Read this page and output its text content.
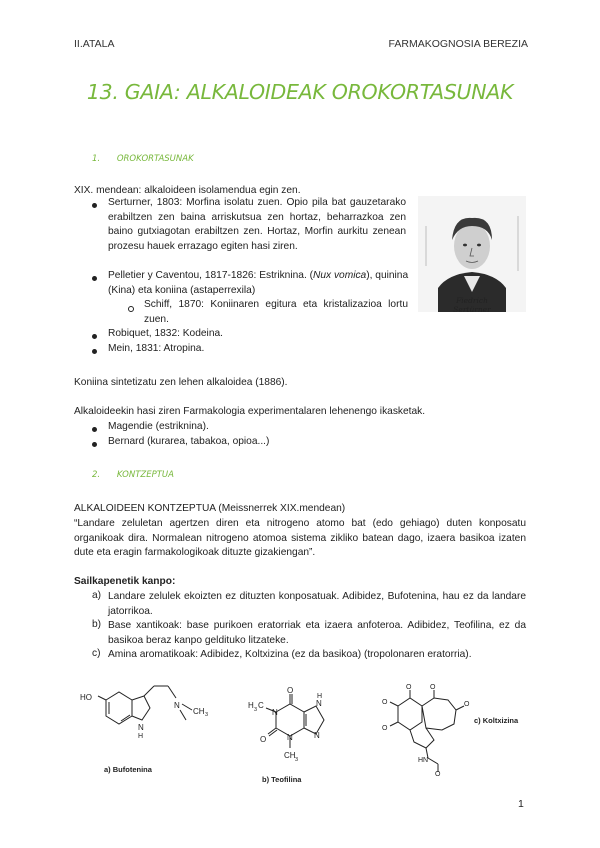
II.ATALA	FARMAKOGNOSIA BEREZIA
13. GAIA: ALKALOIDEAK OROKORTASUNAK
1. OROKORTASUNAK
XIX. mendean: alkaloideen isolamendua egin zen.
Serturner, 1803: Morfina isolatu zuen. Opio pila bat gauzetarako erabiltzen zen baina arriskutsua zen hortaz, beharrazkoa zen baino gutxiagotan erabiltzen zen. Hortaz, Morfin aurkitu zenean prozesu hauek errazago egiten hasi ziren.
Pelletier y Caventou, 1817-1826: Estriknina. (Nux vomica), quinina (Kina) eta koniina (astaperrexila)
Schiff, 1870: Koniinaren egitura eta kristalizazioa lortu zuen.
Robiquet, 1832: Kodeina.
Mein, 1831: Atropina.
Fiedrich
Sertürner
Koniina sintetizatu zen lehen alkaloidea (1886).
Alkaloideekin hasi ziren Farmakologia experimentalaren lehenengo ikasketak.
Magendie (estriknina).
Bernard (kurarea, tabakoa, opioa...)
2. KONTZEPTUA
ALKALOIDEEN KONTZEPTUA (Meissnerrek XIX.mendean)
“Landare zeluletan agertzen diren eta nitrogeno atomo bat (edo gehiago) duten konposatu organikoak dira. Normalean nitrogeno atomoa sistema zikliko batean dago, izaera basikoa izaten dute eta eragin farmakologikoak dituzte gizakiengan”.
Sailkapenetik kanpo:
a) Landare zelulek ekoizten ez dituzten konposatuak. Adibidez, Bufotenina, hau ez da landare jatorrikoa.
b) Base xantikoak: base purikoen eratorriak eta izaera anfoteroa. Adibidez, Teofilina, ez da basikoa beraz kanpo geldituko litzateke.
c) Amina aromatikoak: Adibidez, Koltxizina (ez da basikoa) (tropolonaren eratorria).
HO
N
CH 3
N
H
a) Bufotenina
O
N
H 3 C
O	N
CH 3
N
N
H
b) Teofilina
O
O
O
O
O
HN
O
c) Koltxizina
1
